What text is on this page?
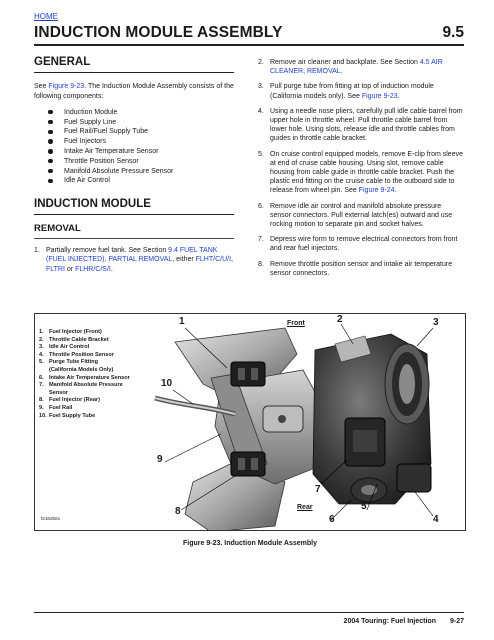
HOME
INDUCTION MODULE ASSEMBLY	9.5
GENERAL

See Figure 9-23. The Induction Module Assembly consists of the following components:

Induction Module
Fuel Supply Line
Fuel Rail/Fuel Supply Tube
Fuel Injectors
Intake Air Temperature Sensor
Throttle Position Sensor
Manifold Absolute Pressure Sensor
Idle Air Control
INDUCTION MODULE
REMOVAL
1. Partially remove fuel tank. See Section 9.4 FUEL TANK (FUEL INJECTED), PARTIAL REMOVAL, either FLHT/C/U/I, FLTRI or FLHR/C/S/I.
2. Remove air cleaner and backplate. See Section 4.5 AIR CLEANER, REMOVAL.
3. Pull purge tube from fitting at top of induction module (California models only). See Figure 9-23.
4. Using a needle nose pliers, carefully pull idle cable barrel from upper hole in throttle wheel. Pull throttle cable barrel from lower hole. Using slots, release idle and throttle cables from guides in throttle cable bracket.
5. On cruise control equipped models, remove E-clip from sleeve at end of cruise cable housing. Using slot, remove cable housing from cable guide in throttle cable bracket. Push the plastic end fitting on the cruise cable to the outboard side to release from wheel pin. See Figure 9-24.
6. Remove idle air control and manifold absolute pressure sensor connectors. Pull external latch(es) outward and use rocking motion to separate pin and socket halves.
7. Depress wire form to remove electrical connectors from front and rear fuel injectors.
8. Remove throttle position sensor and intake air temperature sensor connectors.
1. Fuel Injector (Front)
2. Throttle Cable Bracket
3. Idle Air Control
4. Throttle Position Sensor
5. Purge Tube Fitting
(California Models Only)
6. Intake Air Temperature Sensor
7. Manifold Absolute Pressure
Sensor
8. Fuel Injector (Rear)
9. Fuel Rail
10. Fuel Supply Tube
1	2	3
4
5
6
7
8
9
10
Front
Rear
f2162b0x
Figure 9-23. Induction Module Assembly
2004 Touring: Fuel Injection 9-27
